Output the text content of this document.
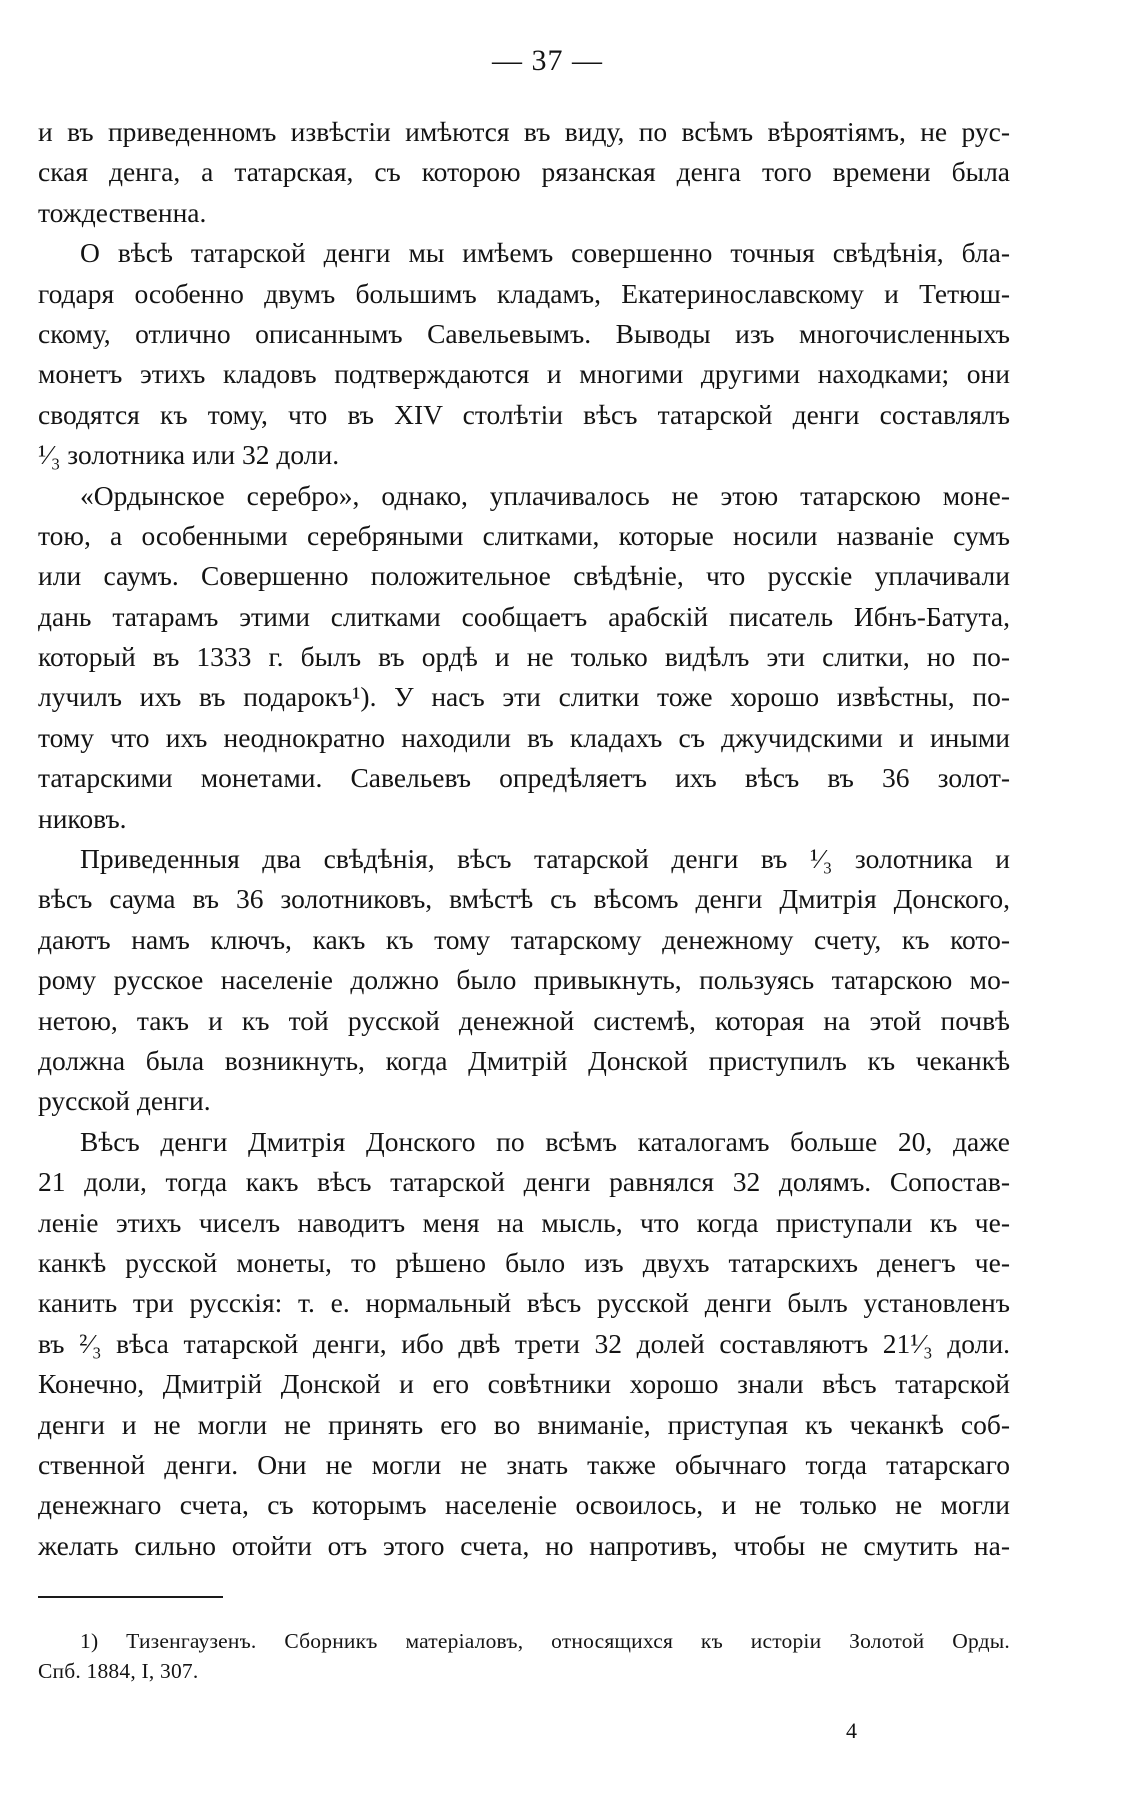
— 37 —
и въ приведенномъ извѣстіи имѣются въ виду, по всѣмъ вѣроятіямъ, не рус-
ская денга, а татарская, съ которою рязанская денга того времени была
тождественна.
О вѣсѣ татарской денги мы имѣемъ совершенно точныя свѣдѣнія, бла-
годаря особенно двумъ большимъ кладамъ, Екатеринославскому и Тетюш-
скому, отлично описаннымъ Савельевымъ. Выводы изъ многочисленныхъ
монетъ этихъ кладовъ подтверждаются и многими другими находками; они
сводятся къ тому, что въ XIV столѣтіи вѣсъ татарской денги составлялъ
¹⁄₃ золотника или 32 доли.
«Ордынское серебро», однако, уплачивалось не этою татарскою моне-
тою, а особенными серебряными слитками, которые носили названіе сумъ
или саумъ. Совершенно положительное свѣдѣніе, что русскіе уплачивали
дань татарамъ этими слитками сообщаетъ арабскій писатель Ибнъ-Батута,
который въ 1333 г. былъ въ ордѣ и не только видѣлъ эти слитки, но по-
лучилъ ихъ въ подарокъ¹). У насъ эти слитки тоже хорошо извѣстны, по-
тому что ихъ неоднократно находили въ кладахъ съ джучидскими и иными
татарскими монетами. Савельевъ опредѣляетъ ихъ вѣсъ въ 36 золот-
никовъ.
Приведенныя два свѣдѣнія, вѣсъ татарской денги въ ¹⁄₃ золотника и
вѣсъ саума въ 36 золотниковъ, вмѣстѣ съ вѣсомъ денги Дмитрія Донского,
даютъ намъ ключъ, какъ къ тому татарскому денежному счету, къ кото-
рому русское населеніе должно было привыкнуть, пользуясь татарскою мо-
нетою, такъ и къ той русской денежной системѣ, которая на этой почвѣ
должна была возникнуть, когда Дмитрій Донской приступилъ къ чеканкѣ
русской денги.
Вѣсъ денги Дмитрія Донского по всѣмъ каталогамъ больше 20, даже
21 доли, тогда какъ вѣсъ татарской денги равнялся 32 долямъ. Сопостав-
леніе этихъ чиселъ наводитъ меня на мысль, что когда приступали къ че-
канкѣ русской монеты, то рѣшено было изъ двухъ татарскихъ денегъ че-
канить три русскія: т. е. нормальный вѣсъ русской денги былъ установленъ
въ ²⁄₃ вѣса татарской денги, ибо двѣ трети 32 долей составляютъ 21¹⁄₃ доли.
Конечно, Дмитрій Донской и его совѣтники хорошо знали вѣсъ татарской
денги и не могли не принять его во вниманіе, приступая къ чеканкѣ соб-
ственной денги. Они не могли не знать также обычнаго тогда татарскаго
денежнаго счета, съ которымъ населеніе освоилось, и не только не могли
желать сильно отойти отъ этого счета, но напротивъ, чтобы не смутить на-
1) Тизенгаузенъ. Сборникъ матеріаловъ, относящихся къ исторіи Золотой Орды.
Спб. 1884, I, 307.
4
